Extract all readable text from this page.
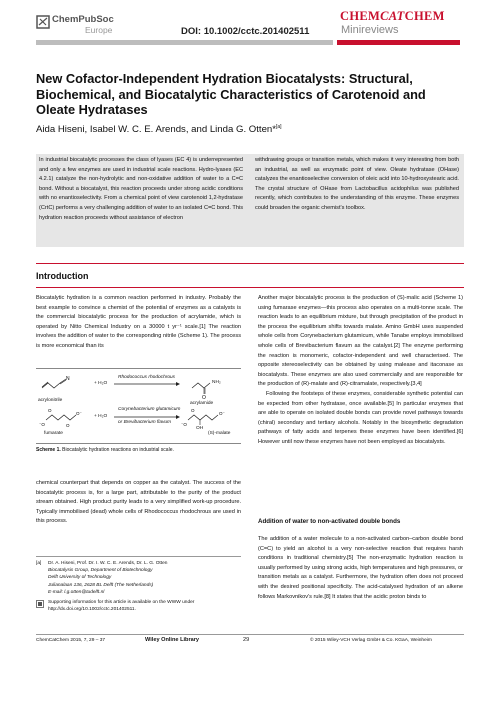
ChemPubSoc
Europe	DOI: 10.1002/cctc.201402511
CHEMCATCHEM
Minireviews
New Cofactor-Independent Hydration Biocatalysts: Structural, Biochemical, and Biocatalytic Characteristics of Carotenoid and Oleate Hydratases
Aida Hiseni, Isabel W. C. E. Arends, and Linda G. Otten*[a]
In industrial biocatalytic processes the class of lyases (EC 4) is underrepresented and only a few enzymes are used in industrial scale reactions. Hydro-lyases (EC 4.2.1) catalyze the non-hydrolytic and non-oxidative addition of water to a C=C bond. Without a biocatalyst, this reaction proceeds under strong acidic conditions with no enantioselectivity. From a chemical point of view carotenoid 1,2-hydratase (CrtC) performs a very challenging addition of water to an isolated C=C bond. This hydration reaction proceeds without assistance of electron
withdrawing groups or transition metals, which makes it very interesting from both an industrial, as well as enzymatic point of view. Oleate hydratase (OHase) catalyzes the enantioselective conversion of oleic acid into 10-hydroxystearic acid. The crystal structure of OHase from Lactobacillus acidophilus was published recently, which contributes to the understanding of this enzyme. These enzymes could broaden the organic chemist's toolbox.
Introduction
Biocatalytic hydration is a common reaction performed in industry. Probably the best example to convince a chemist of the potential of enzymes as a catalysts is the commercial biocatalytic process for the production of acrylamide, which is operated by Nitto Chemical Industry on a 30000 t yr⁻¹ scale.[1] The reaction involves the addition of water to the corresponding nitrile (Scheme 1). The process is more economical than its
N
O
⁻O
O⁻
O
O	⁻O
O⁻
O
acrylonitrile
+ H₂O
Rhodococcus rhodochrous
NH₂
acrylamide
+ H₂O
Corynebacterium glutamicum
or Brevibacterium flavum
OH
fumarate	(S)-malate
Scheme 1. Biocatalytic hydration reactions on industrial scale.
chemical counterpart that depends on copper as the catalyst. The success of the biocatalytic process is, for a large part, attributable to the purity of the product stream obtained. High product purity leads to a very simplified work-up procedure. Typically immobilised (dead) whole cells of Rhodococcus rhodochrous are used in this process.
[a] Dr. A. Hiseni, Prof. Dr. I. W. C. E. Arends, Dr. L. G. Otten
Biocatalysis Group, Department of Biotechnology
Delft University of Technology
Julianalaan 136, 2628 BL Delft (The Netherlands)
E-mail: l.g.otten@tudelft.nl
Supporting information for this article is available on the WWW under http://dx.doi.org/10.1002/cctc.201402511.

Another major biocatalytic process is the production of (S)-malic acid (Scheme 1) using fumarase enzymes—this process also operates on a multi-tonne scale. The reaction leads to an equilibrium mixture, but through precipitation of the product in the process the equilibrium shifts towards malate. Amino GmbH uses suspended whole cells from Corynebacterium glutamicum, while Tanabe employs immobilised whole cells of Brevibacterium flavum as the catalyst.[2] The enzyme performing the reaction is monomeric, cofactor-independent and well characterised. The opposite stereoselectivity can be obtained by using malease and itaconase as biocatalysts. These enzymes are also used commercially and are responsible for the production of (R)-malate and (R)-citramalate, respectively.[3,4]

Following the footsteps of these enzymes, considerable synthetic potential can be expected from other hydratase, once available.[5] In particular enzymes that are able to operate on isolated double bonds can provide novel pathways towards (chiral) secondary and tertiary alcohols. Notably in the biosynthetic degradation pathways of fatty acids and terpenes these enzymes have been identified.[6] However until now these enzymes have not been employed as biocatalysts.

Addition of water to non-activated double bonds
The addition of a water molecule to a non-activated carbon–carbon double bond (C=C) to yield an alcohol is a very non-selective reaction that requires harsh conditions in traditional chemistry.[5] The non-enzymatic hydration reaction is usually performed by using strong acids, high temperatures and high pressures, or transition metals as a catalyst. Furthermore, the hydration often does not proceed with the desired positional specificity. The acid-catalysed hydration of an alkene follows Markovnikov's rule.[8] It states that the acidic proton binds to
ChemCatChem 2015, 7, 29 – 37	Wiley Online Library	29	© 2015 Wiley-VCH Verlag GmbH & Co. KGaA, Weinheim
